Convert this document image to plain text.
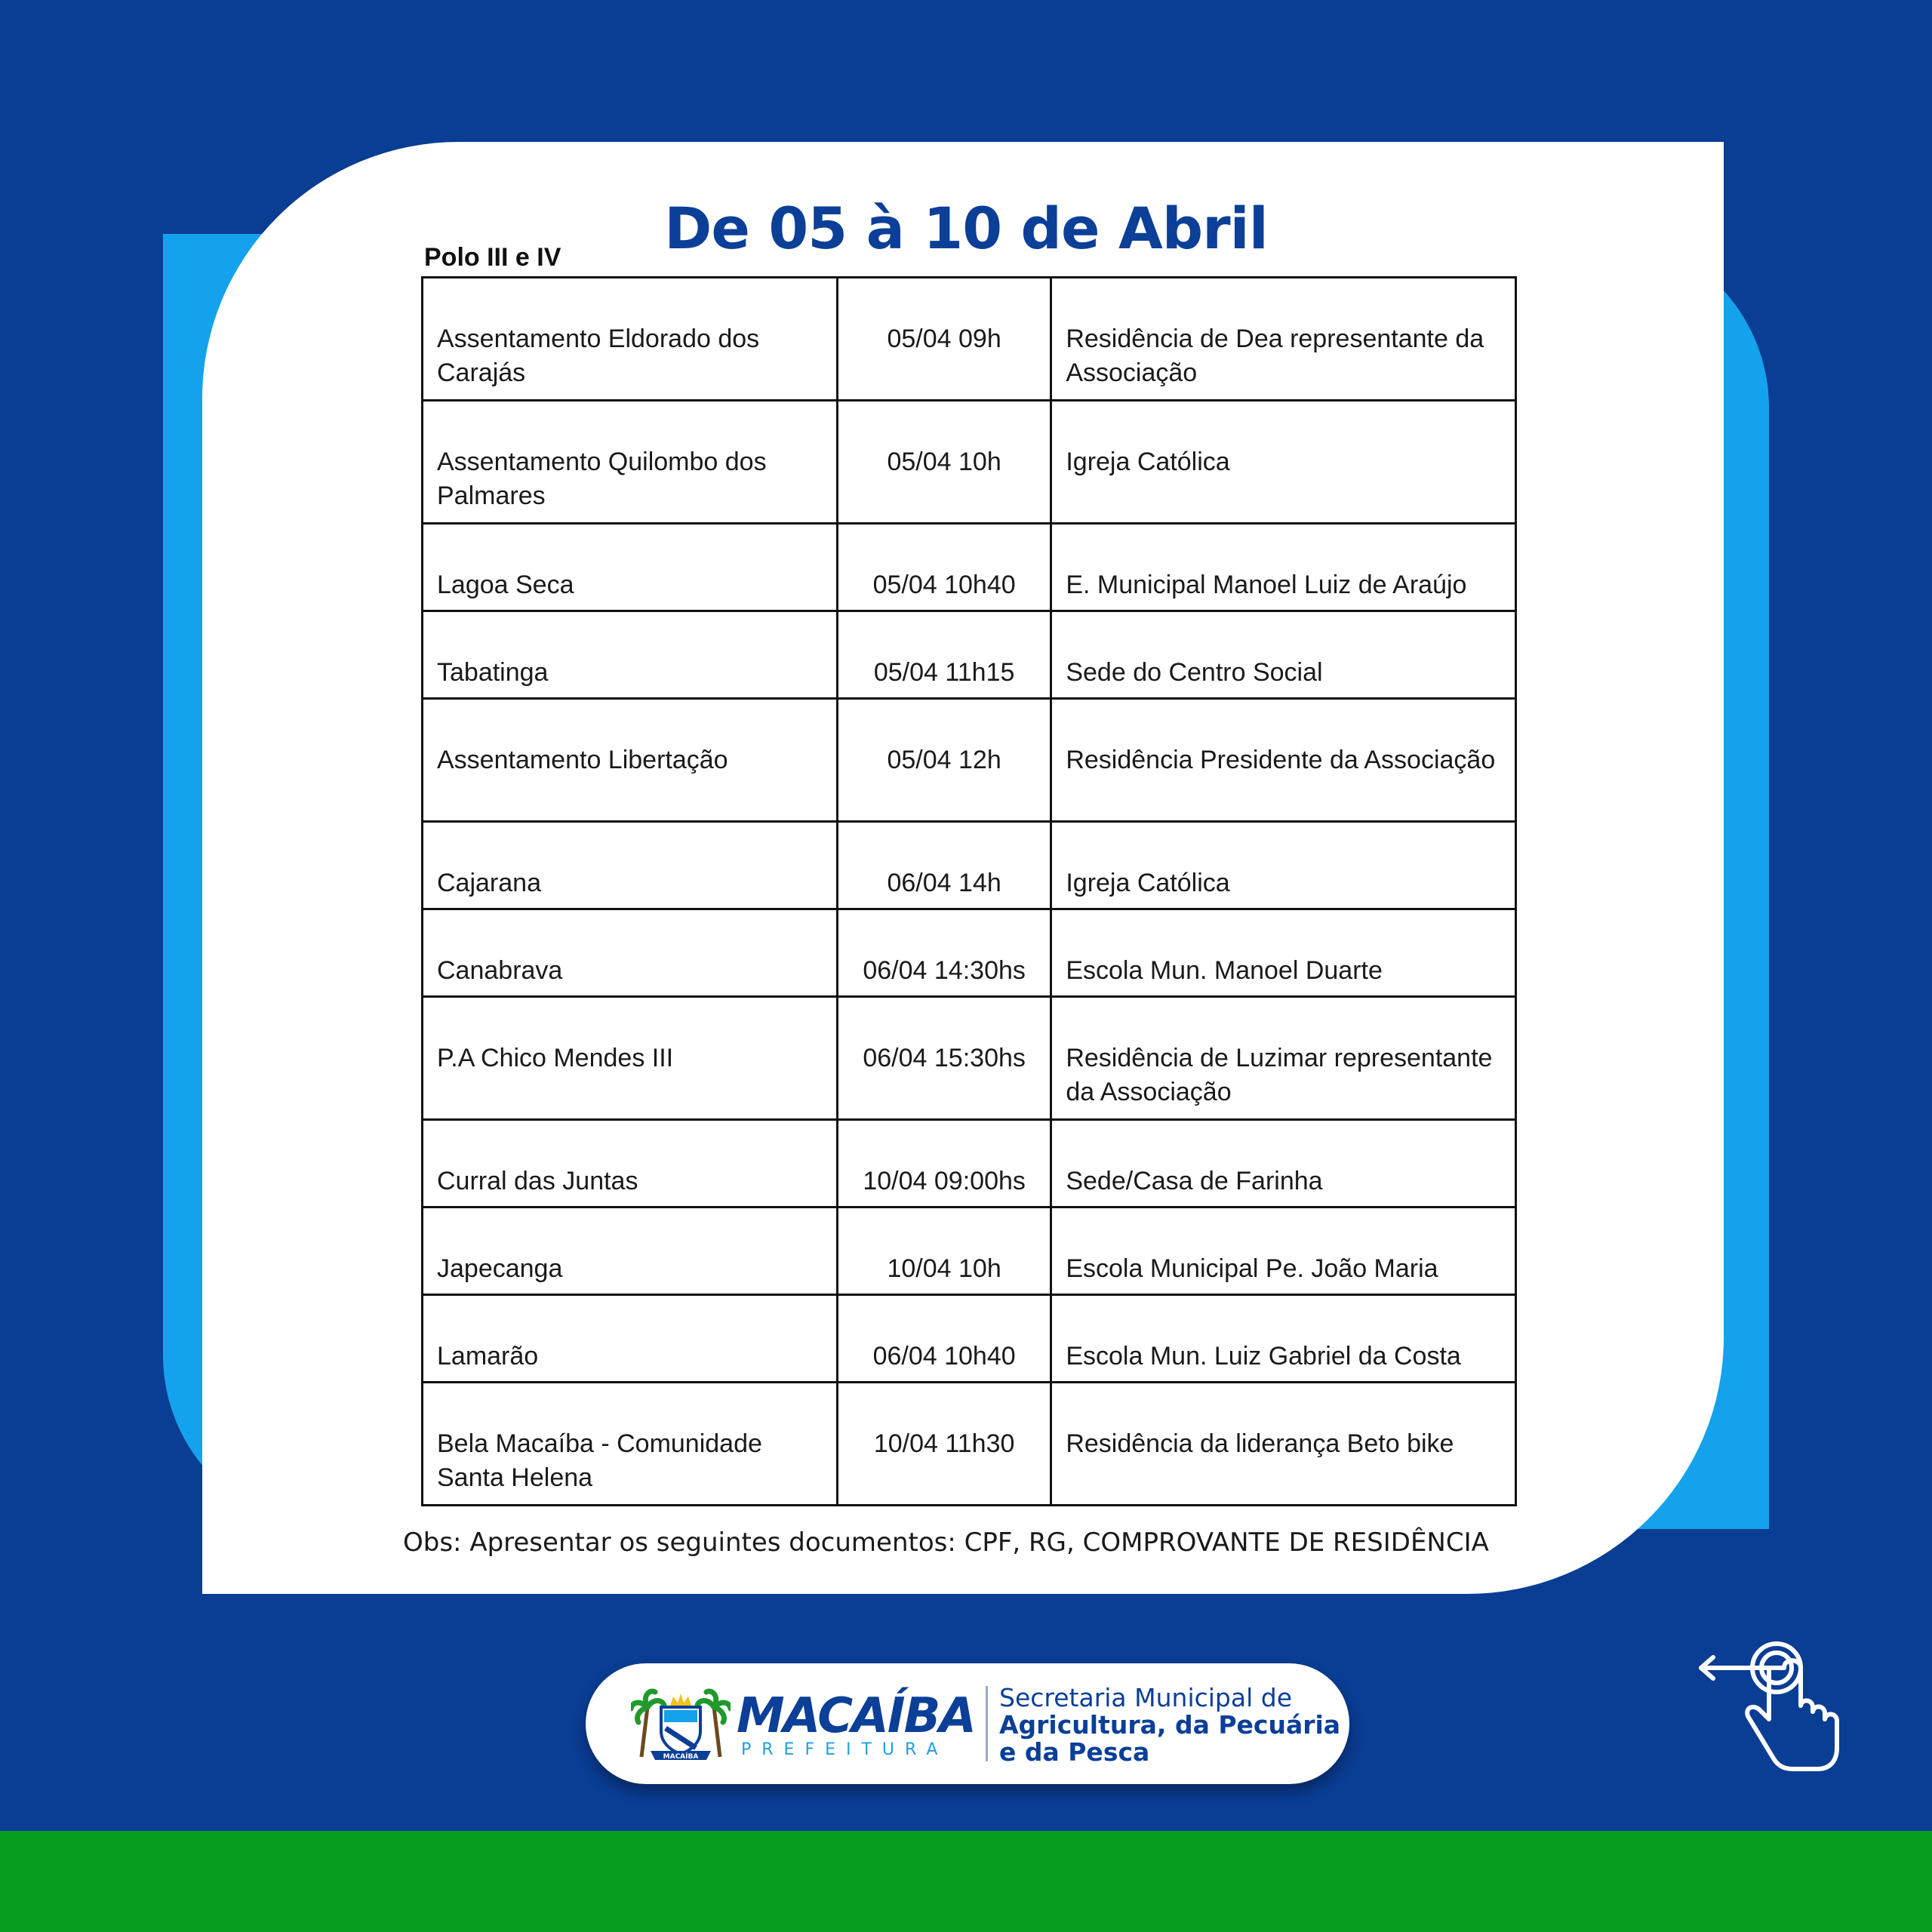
De 05 à 10 de Abril
Polo III e IV
Assentamento Eldorado dos Carajás	05/04 09h	Residência de Dea representante da Associação
Assentamento Quilombo dos Palmares	05/04 10h	Igreja Católica
Lagoa Seca	05/04 10h40	E. Municipal Manoel Luiz de Araújo
Tabatinga	05/04 11h15	Sede do Centro Social
Assentamento Libertação	05/04 12h	Residência Presidente da Associação
Cajarana	06/04 14h	Igreja Católica
Canabrava	06/04 14:30hs	Escola Mun. Manoel Duarte
P.A Chico Mendes III	06/04 15:30hs	Residência de Luzimar representante da Associação
Curral das Juntas	10/04 09:00hs	Sede/Casa de Farinha
Japecanga	10/04 10h	Escola Municipal Pe. João Maria
Lamarão	06/04 10h40	Escola Mun. Luiz Gabriel da Costa
Bela Macaíba - Comunidade Santa Helena	10/04 11h30	Residência da liderança Beto bike
Obs: Apresentar os seguintes documentos: CPF, RG, COMPROVANTE DE RESIDÊNCIA
MACAÍBA
MACAÍBA
PREFEITURA
Secretaria Municipal de
Agricultura, da Pecuária
e da Pesca
